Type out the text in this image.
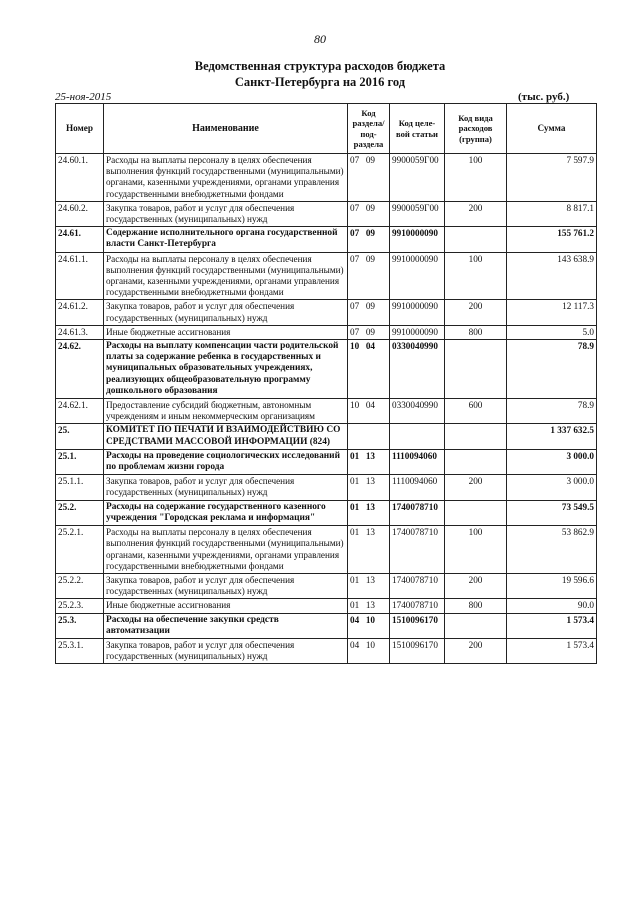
80
Ведомственная структура расходов бюджета
Санкт-Петербурга на 2016 год
25-ноя-2015	(тыс. руб.)
Номер	Наименование	Код раздела/ под- раздела	Код целе- вой статьи	Код вида расходов (группа)	Сумма
24.60.1.	Расходы на выплаты персоналу в целях обеспечения выполнения функций государственными (муниципальными) органами, казенными учреждениями, органами управления государственными внебюджетными фондами	07 09	9900059Г00	100	7 597.9
24.60.2.	Закупка товаров, работ и услуг для обеспечения государственных (муниципальных) нужд	07 09	9900059Г00	200	8 817.1
24.61.	Содержание исполнительного органа государственной власти Санкт-Петербурга	07 09	9910000090		155 761.2
24.61.1.	Расходы на выплаты персоналу в целях обеспечения выполнения функций государственными (муниципальными) органами, казенными учреждениями, органами управления государственными внебюджетными фондами	07 09	9910000090	100	143 638.9
24.61.2.	Закупка товаров, работ и услуг для обеспечения государственных (муниципальных) нужд	07 09	9910000090	200	12 117.3
24.61.3.	Иные бюджетные ассигнования	07 09	9910000090	800	5.0
24.62.	Расходы на выплату компенсации части родительской платы за содержание ребенка в государственных и муниципальных образовательных учреждениях, реализующих общеобразовательную программу дошкольного образования	10 04	0330040990		78.9
24.62.1.	Предоставление субсидий бюджетным, автономным учреждениям и иным некоммерческим организациям	10 04	0330040990	600	78.9
25.	КОМИТЕТ ПО ПЕЧАТИ И ВЗАИМОДЕЙСТВИЮ СО СРЕДСТВАМИ МАССОВОЙ ИНФОРМАЦИИ (824)				1 337 632.5
25.1.	Расходы на проведение социологических исследований по проблемам жизни города	01 13	1110094060		3 000.0
25.1.1.	Закупка товаров, работ и услуг для обеспечения государственных (муниципальных) нужд	01 13	1110094060	200	3 000.0
25.2.	Расходы на содержание государственного казенного учреждения "Городская реклама и информация"	01 13	1740078710		73 549.5
25.2.1.	Расходы на выплаты персоналу в целях обеспечения выполнения функций государственными (муниципальными) органами, казенными учреждениями, органами управления государственными внебюджетными фондами	01 13	1740078710	100	53 862.9
25.2.2.	Закупка товаров, работ и услуг для обеспечения государственных (муниципальных) нужд	01 13	1740078710	200	19 596.6
25.2.3.	Иные бюджетные ассигнования	01 13	1740078710	800	90.0
25.3.	Расходы на обеспечение закупки средств автоматизации	04 10	1510096170		1 573.4
25.3.1.	Закупка товаров, работ и услуг для обеспечения государственных (муниципальных) нужд	04 10	1510096170	200	1 573.4
